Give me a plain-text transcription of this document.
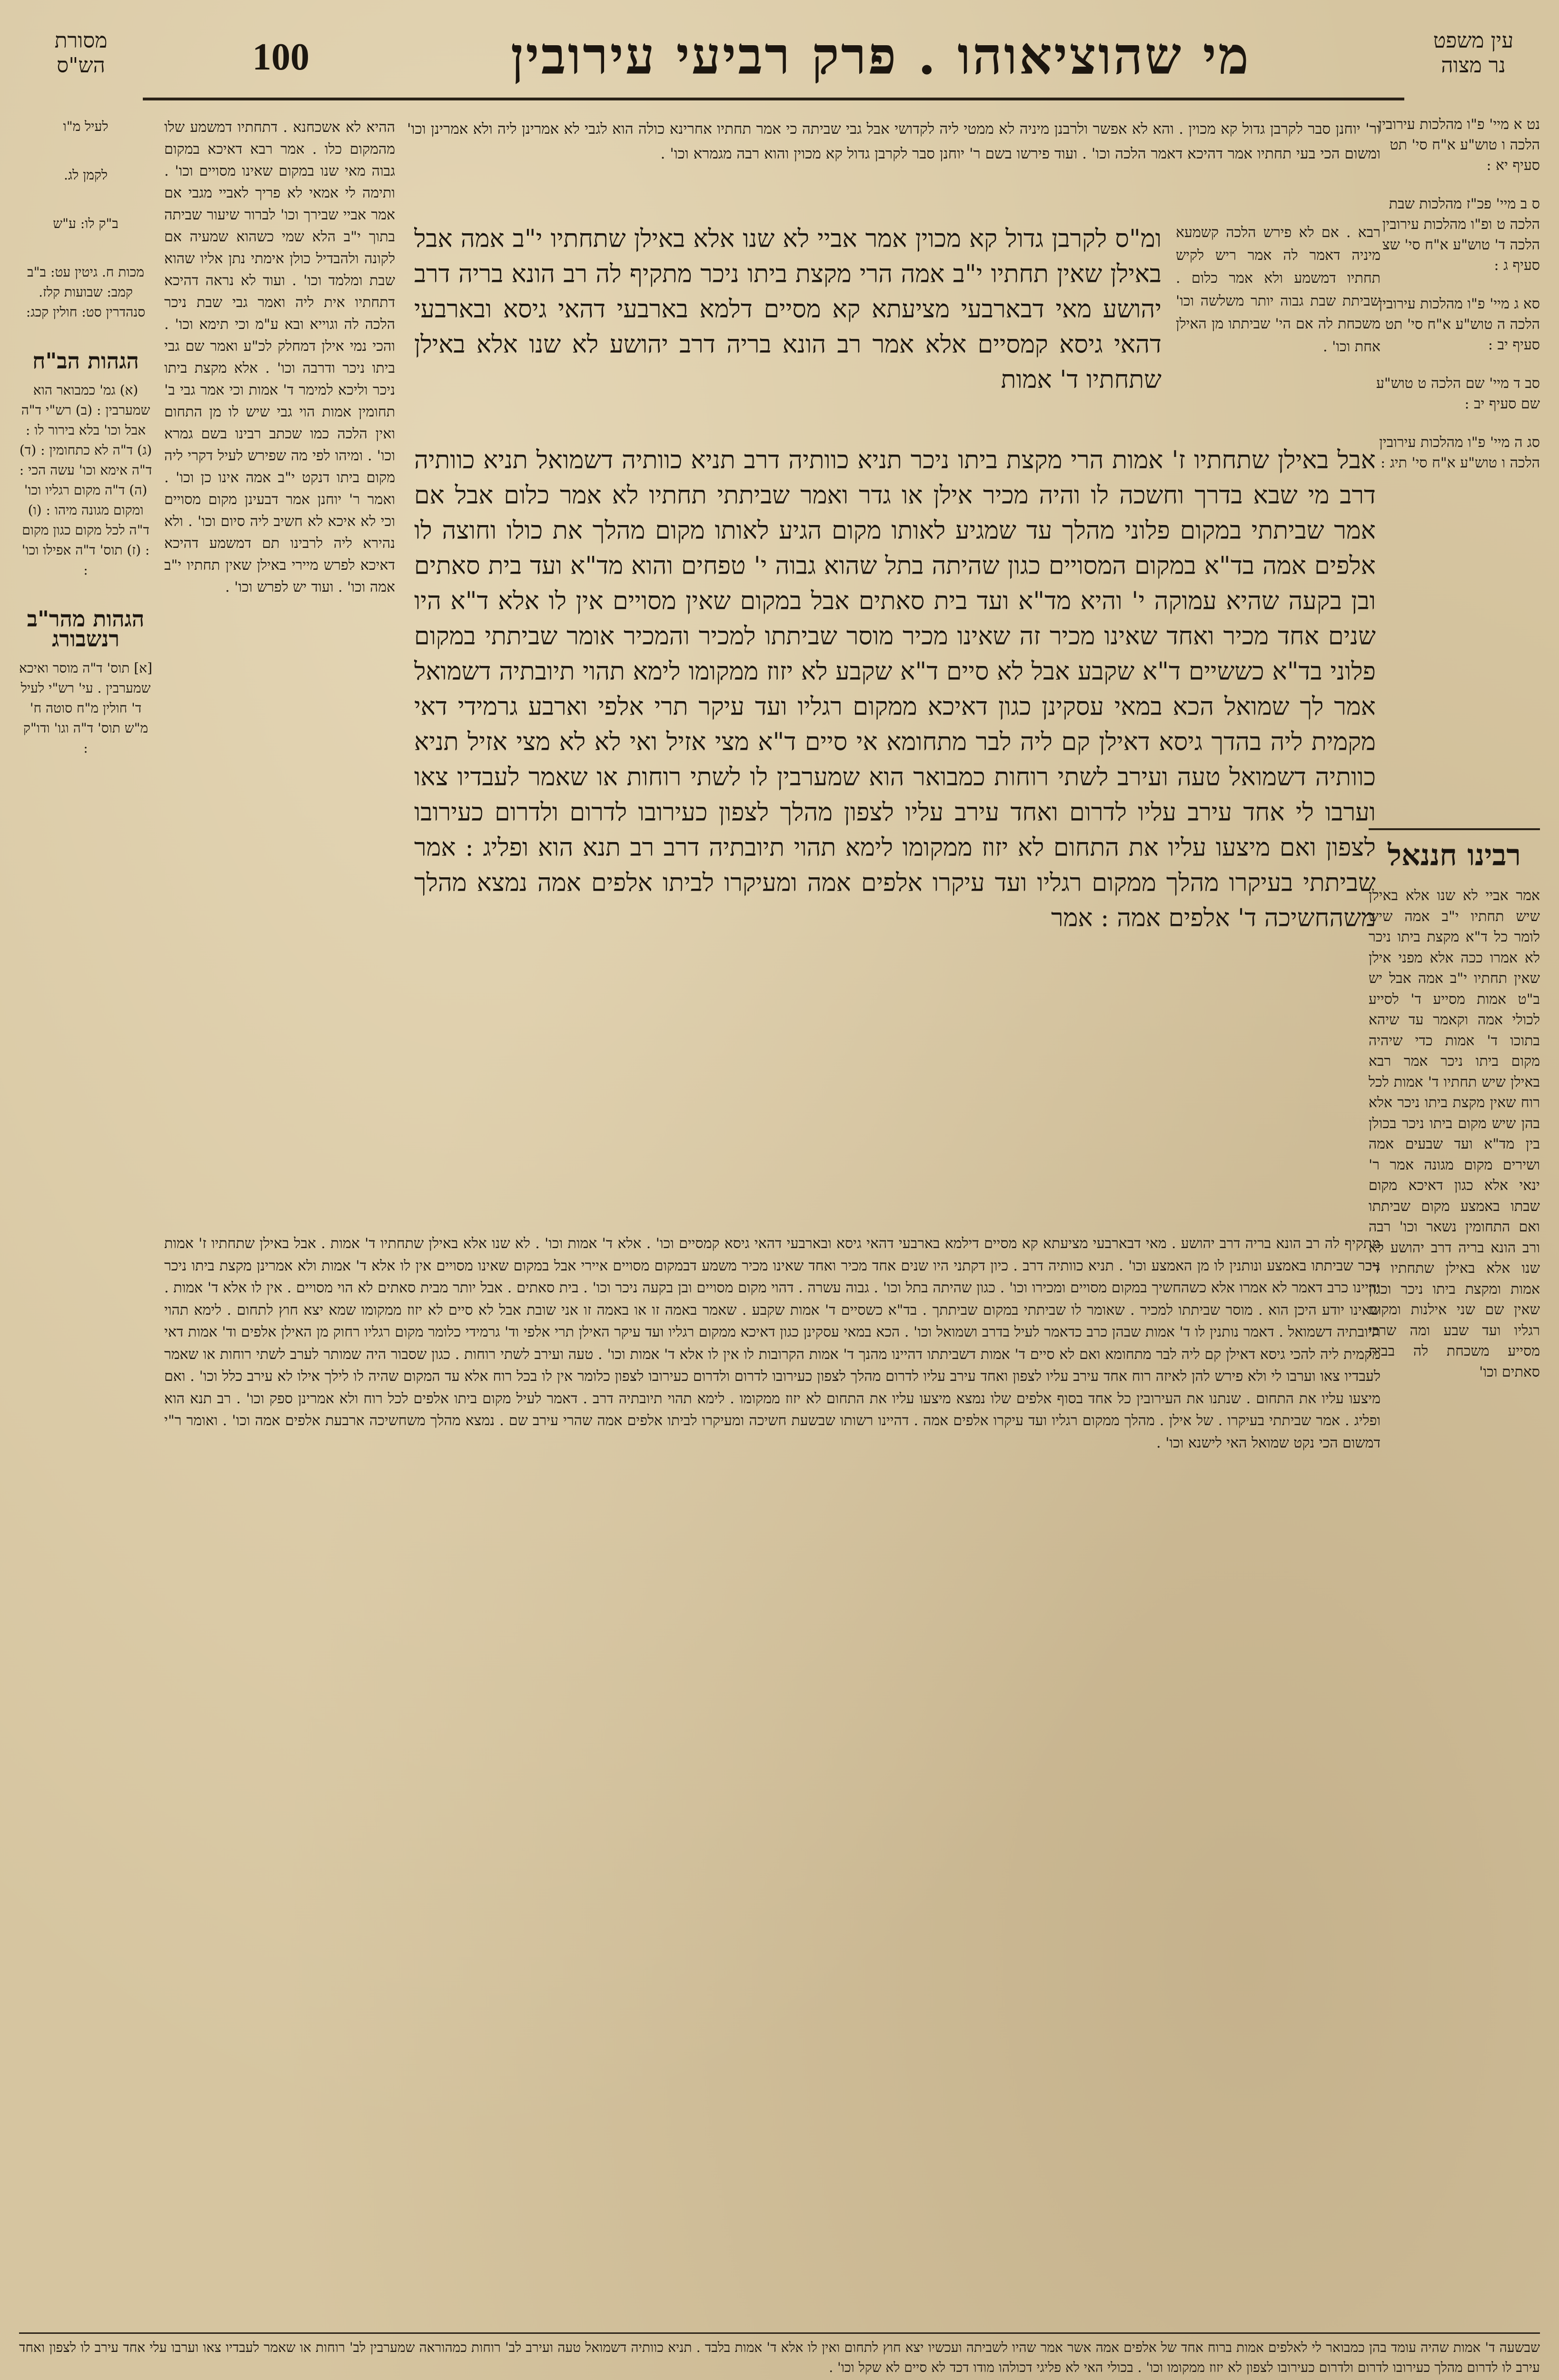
מי שהוציאוהו . פרק רביעי עירובין
100	עין משפט
נר מצוה
מסורת
הש"ס
נט א מיי' פ"ו מהלכות עירובין הלכה ו טוש"ע א"ח סי' תט סעיף יא :
ס ב מיי' פכ"ז מהלכות שבת הלכה ט ופ"ו מהלכות עירובין הלכה ד' טוש"ע א"ח סי' שצ סעיף ג :
סא ג מיי' פ"ו מהלכות עירובין הלכה ה טוש"ע א"ח סי' תט סעיף יב :
סב ד מיי' שם הלכה ט טוש"ע שם סעיף יב :
סג ה מיי' פ"ו מהלכות עירובין הלכה ו טוש"ע א"ח סי' תיג :
רבינו חננאל
אמר אביי לא שנו אלא באילן שיש תחתיו י"ב אמה שיש לומר כל ד"א מקצת ביתו ניכר לא אמרו ככה אלא מפני אילן שאין תחתיו י"ב אמה אבל יש ב"ט אמות מסייע ד' לסייע לכולי אמה וקאמר עד שיהא בתוכו ד' אמות כדי שיהיה מקום ביתו ניכר אמר רבא באילן שיש תחתיו ד' אמות לכל רוח שאין מקצת ביתו ניכר אלא בהן שיש מקום ביתו ניכר בכולן בין מד"א ועד שבעים אמה ושירים מקום מגונה אמר ר' ינאי אלא כגון דאיכא מקום שבתו באמצע מקום שביתתו ואם התחומין נשאר וכו' רבה ורב הונא בריה דרב יהושע לא שנו אלא באילן שתחתיו ד' אמות ומקצת ביתו ניכר וכגון שאין שם שני אילנות ומקום רגליו ועד שבע ומה שרבי מסייע משכחת לה בבית סאתים וכו'
ור' יוחנן סבר לקרבן גדול קא מכוין . והא לא אפשר ולרבנן מיניה לא ממטי ליה לקדושי אבל גבי שביתה כי אמר תחתיו אחרינא כולה הוא לגבי לא אמרינן ליה ולא אמרינן וכו' ומשום הכי בעי תחתיו אמר דהיכא דאמר הלכה וכו' . ועוד פירשו בשם ר' יוחנן סבר לקרבן גדול קא מכוין והוא רבה מגמרא וכו' .
ומ"ס לקרבן גדול קא מכוין אמר אביי לא שנו אלא באילן שתחתיו י"ב אמה אבל באילן שאין תחתיו י"ב אמה הרי מקצת ביתו ניכר מתקיף לה רב הונא בריה דרב יהושע מאי דבארבעי מציעתא קא מסיים דלמא בארבעי דהאי גיסא ובארבעי דהאי גיסא קמסיים אלא אמר רב הונא בריה דרב יהושע לא שנו אלא באילן שתחתיו ד' אמות
רבא . אם לא פירש הלכה קשמעא מיניה דאמר לה אמר ריש לקיש תחתיו דמשמע ולא אמר כלום . שביתת שבת גבוה יותר משלשה וכו' משכחת לה אם הי' שביתתו מן האילן אחת וכו' .
אבל באילן שתחתיו ז' אמות הרי מקצת ביתו ניכר תניא כוותיה דרב תניא כוותיה דשמואל תניא כוותיה דרב מי שבא בדרך וחשכה לו והיה מכיר אילן או גדר ואמר שביתתי תחתיו לא אמר כלום אבל אם אמר שביתתי במקום פלוני מהלך עד שמגיע לאותו מקום הגיע לאותו מקום מהלך את כולו וחוצה לו אלפים אמה בד"א במקום המסויים כגון שהיתה בתל שהוא גבוה י' טפחים והוא מד"א ועד בית סאתים ובן בקעה שהיא עמוקה י' והיא מד"א ועד בית סאתים אבל במקום שאין מסויים אין לו אלא ד"א היו שנים אחד מכיר ואחד שאינו מכיר זה שאינו מכיר מוסר שביתתו למכיר והמכיר אומר שביתתי במקום פלוני בד"א כששיים ד"א שקבע אבל לא סיים ד"א שקבע לא יזוז ממקומו לימא תהוי תיובתיה דשמואל אמר לך שמואל הכא במאי עסקינן כגון דאיכא ממקום רגליו ועד עיקר תרי אלפי וארבע גרמידי דאי מקמית ליה בהדך גיסא דאילן קם ליה לבר מתחומא אי סיים ד"א מצי אזיל ואי לא לא מצי אזיל תניא כוותיה דשמואל טעה ועירב לשתי רוחות כמבואר הוא שמערבין לו לשתי רוחות או שאמר לעבדיו צאו וערבו לי אחד עירב עליו לדרום ואחד עירב עליו לצפון מהלך לצפון כעירובו לדרום ולדרום כעירובו לצפון ואם מיצעו עליו את התחום לא יזוז ממקומו לימא תהוי תיובתיה דרב רב תנא הוא ופליג : אמר שביתתי בעיקרו מהלך ממקום רגליו ועד עיקרו אלפים אמה ומעיקרו לביתו אלפים אמה נמצא מהלך משהחשיכה ד' אלפים אמה : אמר
ההיא לא אשכחנא . דתחתיו דמשמע שלו מהמקום כלו . אמר רבא דאיכא במקום גבוה מאי שנו במקום שאינו מסויים וכו' . ותימה לי אמאי לא פריך לאביי מגבי אם אמר אביי שבירך וכו' לברור שיעור שביתה בתוך י"ב הלא שמי כשהוא שמעיה אם לקונה ולהבדיל כולן אימתי נתן אליו שהוא שבת ומלמד וכו' . ועוד לא נראה דהיכא דתחתיו אית ליה ואמר גבי שבת ניכר הלכה לה וגוייא ובא ע"מ וכי תימא וכו' . והכי נמי אילן דמחלק לכ"ע ואמר שם גבי ביתו ניכר ודרבה וכו' . אלא מקצת ביתו ניכר וליכא למימר ד' אמות וכי אמר גבי ב' תחומין אמות הוי גבי שיש לו מן התחום ואין הלכה כמו שכתב רבינו בשם גמרא וכו' . ומיהו לפי מה שפירש לעיל דקרי ליה מקום ביתו דנקט י"ב אמה אינו כן וכו' . ואמר ר' יוחנן אמר דבעינן מקום מסויים וכי לא איכא לא חשיב ליה סיום וכו' . ולא נהירא ליה לרבינו תם דמשמע דהיכא דאיכא לפרש מיירי באילן שאין תחתיו י"ב אמה וכו' . ועוד יש לפרש וכו' .
מתקיף לה רב הונא בריה דרב יהושע . מאי דבארבעי מציעתא קא מסיים דילמא בארבעי דהאי גיסא ובארבעי דהאי גיסא קמסיים וכו' . אלא ד' אמות וכו' . לא שנו אלא באילן שתחתיו ד' אמות . אבל באילן שתחתיו ז' אמות ניכר שביתתו באמצע ונותנין לו מן האמצע וכו' . תניא כוותיה דרב . כיון דקתני היו שנים אחד מכיר ואחד שאינו מכיר משמע דבמקום מסויים איירי אבל במקום שאינו מסויים אין לו אלא ד' אמות ולא אמרינן מקצת ביתו ניכר והיינו כרב דאמר לא אמרו אלא כשהחשיך במקום מסויים ומכירו וכו' . כגון שהיתה בתל וכו' . גבוה עשרה . דהוי מקום מסויים ובן בקעה ניכר וכו' . בית סאתים . אבל יותר מבית סאתים לא הוי מסויים . אין לו אלא ד' אמות . שאינו יודע היכן הוא . מוסר שביתתו למכיר . שאומר לו שביתתי במקום שביתתך . בד"א כשסיים ד' אמות שקבע . שאמר באמה זו או באמה זו אני שובת אבל לא סיים לא יזוז ממקומו שמא יצא חוץ לתחום . לימא תהוי תיובתיה דשמואל . דאמר נותנין לו ד' אמות שבהן כרב כדאמר לעיל בדרב ושמואל וכו' . הכא במאי עסקינן כגון דאיכא ממקום רגליו ועד עיקר האילן תרי אלפי וד' גרמידי כלומר מקום רגליו רחוק מן האילן אלפים וד' אמות דאי מקמית ליה להכי גיסא דאילן קם ליה לבר מתחומא ואם לא סיים ד' אמות דשביתתו דהיינו מהנך ד' אמות הקרובות לו אין לו אלא ד' אמות וכו' . טעה ועירב לשתי רוחות . כגון שסבור היה שמותר לערב לשתי רוחות או שאמר לעבדיו צאו וערבו לי ולא פירש להן לאיזה רוח אחד עירב עליו לצפון ואחד עירב עליו לדרום מהלך לצפון כעירובו לדרום ולדרום כעירובו לצפון כלומר אין לו בכל רוח אלא עד המקום שהיה לו לילך אילו לא עירב כלל וכו' . ואם מיצעו עליו את התחום . שנתנו את העירובין כל אחד בסוף אלפים שלו נמצא מיצעו עליו את התחום לא יזוז ממקומו . לימא תהוי תיובתיה דרב . דאמר לעיל מקום ביתו אלפים לכל רוח ולא אמרינן ספק וכו' . רב תנא הוא ופליג . אמר שביתתי בעיקרו . של אילן . מהלך ממקום רגליו ועד עיקרו אלפים אמה . דהיינו רשותו שבשעת חשיכה ומעיקרו לביתו אלפים אמה שהרי עירב שם . נמצא מהלך משחשיכה ארבעת אלפים אמה וכו' . ואומר ר"י דמשום הכי נקט שמואל האי לישנא וכו' .
שבשעה ד' אמות שהיה עומד בהן כמבואר לי לאלפים אמות ברוח אחד של אלפים אמה אשר אמר שהיו לשביתה ועכשיו יצא חוץ לתחום ואין לו אלא ד' אמות בלבד . תניא כוותיה דשמואל טעה ועירב לב' רוחות כמהוראה שמערבין לב' רוחות או שאמר לעבדיו צאו וערבו עלי אחד עירב לו לצפון ואחד עירב לו לדרום מהלך כעירובו לדרום ולדרום כעירובו לצפון לא יזוז ממקומו וכו' . בכולי האי לא פליגי דכולהו מודו דכד לא סיים לא שקל וכו' .
לעיל מ"ו
לקמן לג.
ב"ק לו: ע"ש
מכות ח. גיטין עט: ב"ב קמב: שבועות קלז. סנהדרין סט: חולין קכג:
הגהות הב"ח
(א) גמ' כמבואר הוא שמערבין : (ב) רש"י ד"ה אבל וכו' בלא בירור לו : (ג) ד"ה לא כתחומין : (ד) ד"ה אימא וכו' עשה הכי : (ה) ד"ה מקום רגליו וכו' ומקום מגונה מיהו : (ו) ד"ה לכל מקום כגון מקום : (ז) תוס' ד"ה אפילו וכו' :
הגהות מהר"ב רנשבורג
[א] תוס' ד"ה מוסר ואיכא שמערבין . עי' רש"י לעיל ד' חולין מ"ח סוטה ח' מ"ש תוס' ד"ה וגו' ודו"ק :
